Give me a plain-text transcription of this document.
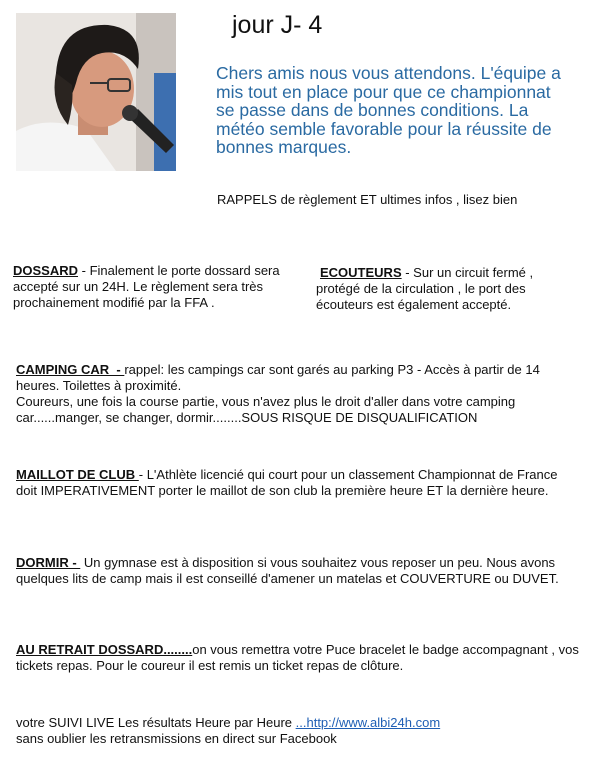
jour J- 4
Chers amis nous vous attendons. L'équipe a mis tout en place pour que ce championnat se passe dans de bonnes conditions. La météo semble favorable pour la réussite de bonnes marques.
RAPPELS de règlement ET ultimes infos , lisez bien
DOSSARD - Finalement le porte dossard sera accepté sur un 24H. Le règlement sera très prochainement modifié par la FFA .
ECOUTEURS - Sur un circuit fermé , protégé de la circulation , le port des écouteurs est également accepté.
CAMPING CAR  - rappel: les campings car sont garés au parking P3 - Accès à partir de 14 heures. Toilettes à proximité.
Coureurs, une fois la course partie, vous n'avez plus le droit d'aller dans votre camping car......manger, se changer, dormir........SOUS RISQUE DE DISQUALIFICATION
MAILLOT DE CLUB - L'Athlète licencié qui court pour un classement Championnat de France doit IMPERATIVEMENT porter le maillot de son club la première heure ET la dernière heure.
DORMIR -  Un gymnase est à disposition si vous souhaitez vous reposer un peu. Nous avons quelques lits de camp mais il est conseillé d'amener un matelas et COUVERTURE ou DUVET.
AU RETRAIT DOSSARD........on vous remettra votre Puce bracelet le badge accompagnant , vos tickets repas. Pour le coureur il est remis un ticket repas de clôture.
votre SUIVI LIVE Les résultats Heure par Heure ...http://www.albi24h.com
sans oublier les retransmissions en direct sur Facebook
